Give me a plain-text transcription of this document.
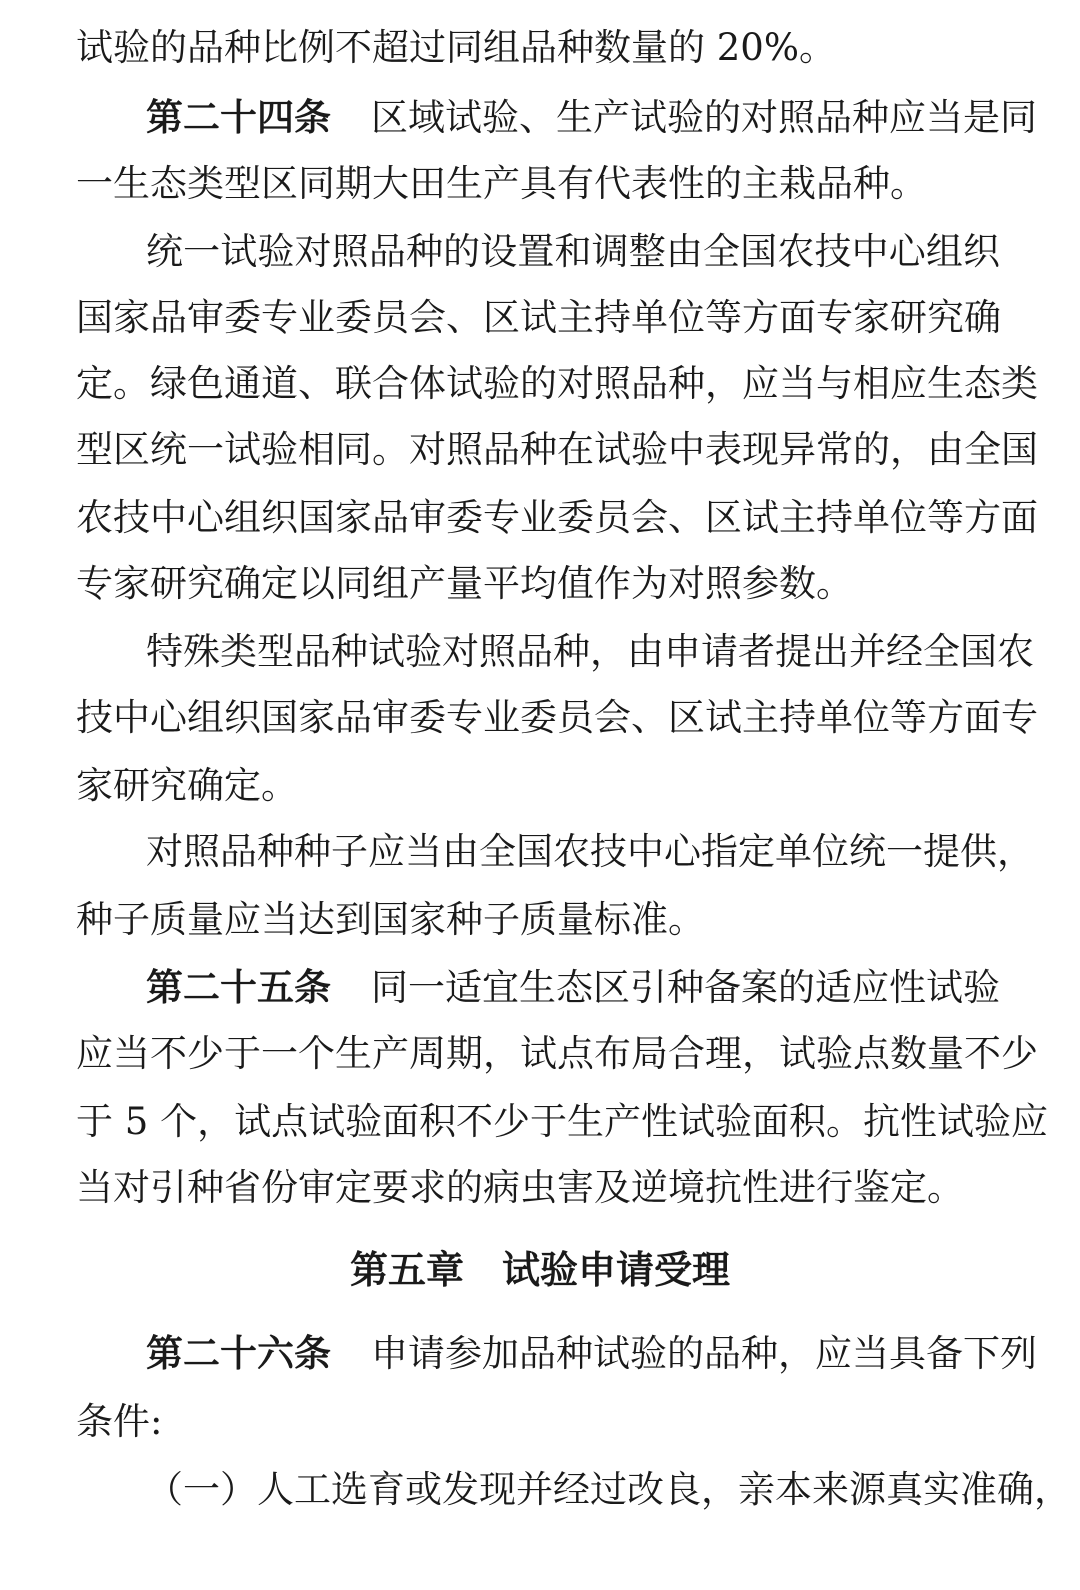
试验的品种比例不超过同组品种数量的 20%。
第二十四条 区域试验、生产试验的对照品种应当是同
一生态类型区同期大田生产具有代表性的主栽品种。
统一试验对照品种的设置和调整由全国农技中心组织
国家品审委专业委员会、区试主持单位等方面专家研究确
定。绿色通道、联合体试验的对照品种，应当与相应生态类
型区统一试验相同。对照品种在试验中表现异常的，由全国
农技中心组织国家品审委专业委员会、区试主持单位等方面
专家研究确定以同组产量平均值作为对照参数。
特殊类型品种试验对照品种，由申请者提出并经全国农
技中心组织国家品审委专业委员会、区试主持单位等方面专
家研究确定。
对照品种种子应当由全国农技中心指定单位统一提供，
种子质量应当达到国家种子质量标准。
第二十五条 同一适宜生态区引种备案的适应性试验
应当不少于一个生产周期，试点布局合理，试验点数量不少
于 5 个，试点试验面积不少于生产性试验面积。抗性试验应
当对引种省份审定要求的病虫害及逆境抗性进行鉴定。
第五章 试验申请受理
第二十六条 申请参加品种试验的品种，应当具备下列
条件:
（一）人工选育或发现并经过改良，亲本来源真实准确，
